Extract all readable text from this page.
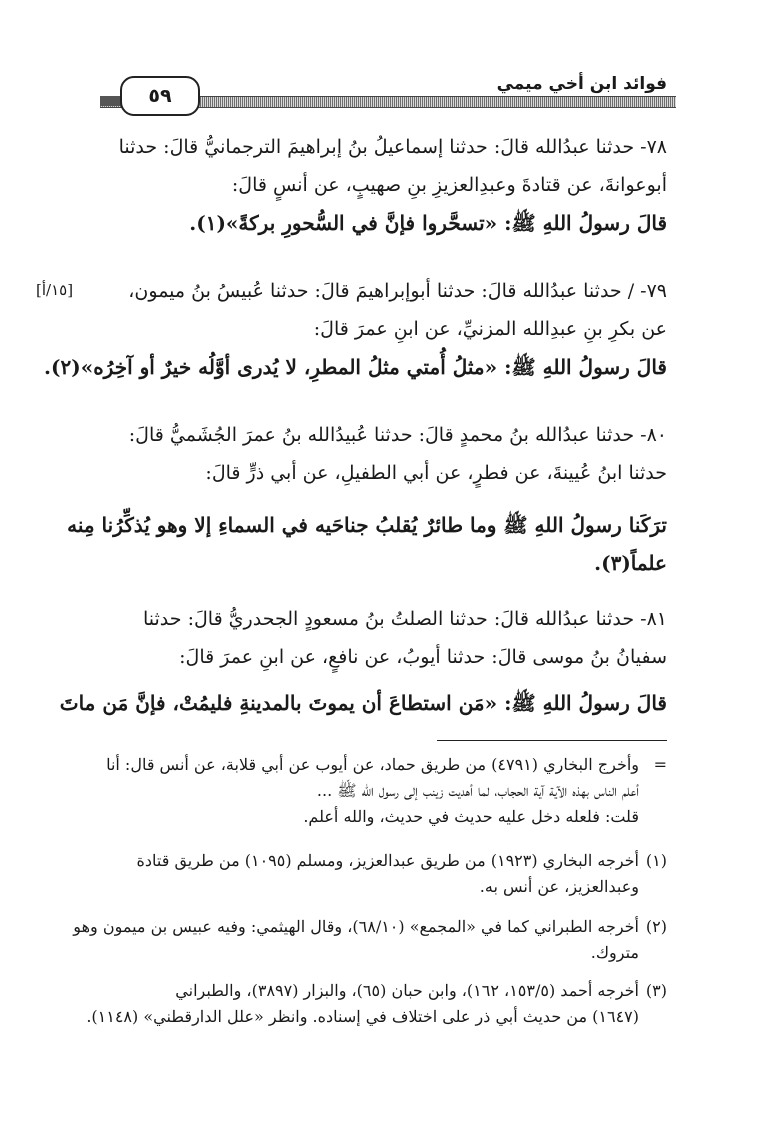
فوائد ابن أخي ميمي
٥٩
٧٨- حدثنا عبدُالله قالَ: حدثنا إسماعيلُ بنُ إبراهيمَ الترجمانيُّ قالَ: حدثنا
أبوعوانةَ، عن قتادةَ وعبدِالعزيزِ بنِ صهيبٍ، عن أنسٍ قالَ:
قالَ رسولُ اللهِ ﷺ: «تسحَّروا فإنَّ في السُّحورِ بركةً»(١).
٧٩- / حدثنا عبدُالله قالَ: حدثنا أبوإبراهيمَ قالَ: حدثنا عُبيسُ بنُ ميمون،
عن بكرِ بنِ عبدِالله المزنيِّ، عن ابنِ عمرَ قالَ:
قالَ رسولُ اللهِ ﷺ: «مثلُ أُمتي مثلُ المطرِ، لا يُدرى أوَّلُه خيرٌ أو آخِرُه»(٢).
[١٥/أ]
٨٠- حدثنا عبدُالله بنُ محمدٍ قالَ: حدثنا عُبيدُالله بنُ عمرَ الجُشَميُّ قالَ:
حدثنا ابنُ عُيينةَ، عن فطرٍ، عن أبي الطفيلِ، عن أبي ذرٍّ قالَ:
ترَكَنا رسولُ اللهِ ﷺ وما طائرٌ يُقلبُ جناحَيه في السماءِ إلا وهو يُذكِّرُنا مِنه
علماً(٣).
٨١- حدثنا عبدُالله قالَ: حدثنا الصلتُ بنُ مسعودٍ الجحدريُّ قالَ: حدثنا
سفيانُ بنُ موسى قالَ: حدثنا أيوبُ، عن نافعٍ، عن ابنِ عمرَ قالَ:
قالَ رسولُ اللهِ ﷺ: «مَن استطاعَ أن يموتَ بالمدينةِ فليمُتْ، فإنَّ مَن ماتَ
=وأخرج البخاري (٤٧٩١) من طريق حماد، عن أيوب عن أبي قلابة، عن أنس قال: أنا
أعلم الناس بهذه الآية آية الحجاب، لما أهديت زينب إلى رسول الله ﷺ ...
قلت: فلعله دخل عليه حديث في حديث، والله أعلم.
(١)أخرجه البخاري (١٩٢٣) من طريق عبدالعزيز، ومسلم (١٠٩٥) من طريق قتادة
وعبدالعزيز، عن أنس به.
(٢)أخرجه الطبراني كما في «المجمع» (٦٨/١٠)، وقال الهيثمي: وفيه عبيس بن ميمون وهو
متروك.
(٣)أخرجه أحمد (١٥٣/٥، ١٦٢)، وابن حبان (٦٥)، والبزار (٣٨٩٧)، والطبراني
(١٦٤٧) من حديث أبي ذر على اختلاف في إسناده. وانظر «علل الدارقطني» (١١٤٨).
